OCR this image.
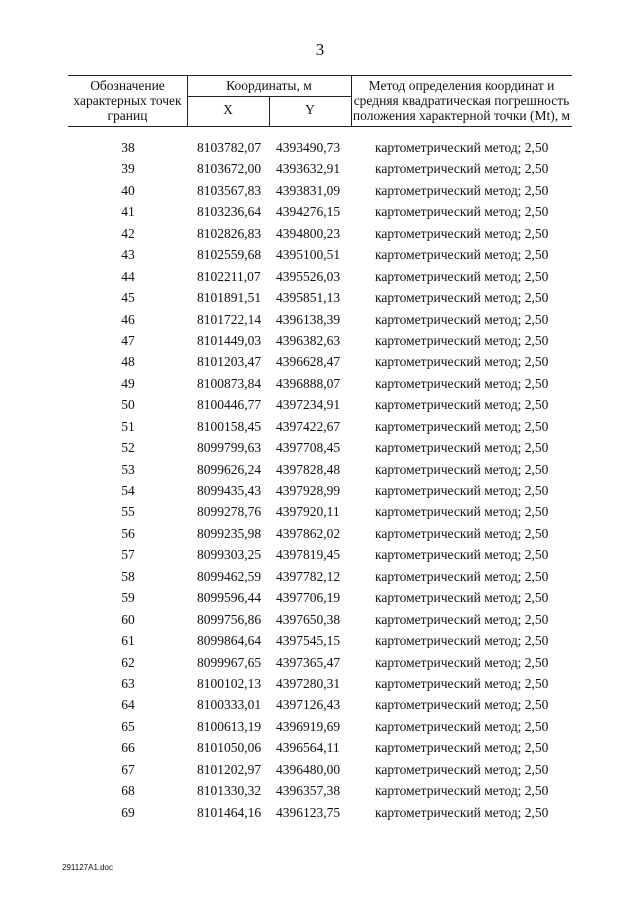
3
Обозначение
характерных точек
границ
Координаты, м
X	Y
Метод определения координат и
средняя квадратическая погрешность
положения характерной точки (Mt), м
38	8103782,07	4393490,73	картометрический метод; 2,50
39	8103672,00	4393632,91	картометрический метод; 2,50
40	8103567,83	4393831,09	картометрический метод; 2,50
41	8103236,64	4394276,15	картометрический метод; 2,50
42	8102826,83	4394800,23	картометрический метод; 2,50
43	8102559,68	4395100,51	картометрический метод; 2,50
44	8102211,07	4395526,03	картометрический метод; 2,50
45	8101891,51	4395851,13	картометрический метод; 2,50
46	8101722,14	4396138,39	картометрический метод; 2,50
47	8101449,03	4396382,63	картометрический метод; 2,50
48	8101203,47	4396628,47	картометрический метод; 2,50
49	8100873,84	4396888,07	картометрический метод; 2,50
50	8100446,77	4397234,91	картометрический метод; 2,50
51	8100158,45	4397422,67	картометрический метод; 2,50
52	8099799,63	4397708,45	картометрический метод; 2,50
53	8099626,24	4397828,48	картометрический метод; 2,50
54	8099435,43	4397928,99	картометрический метод; 2,50
55	8099278,76	4397920,11	картометрический метод; 2,50
56	8099235,98	4397862,02	картометрический метод; 2,50
57	8099303,25	4397819,45	картометрический метод; 2,50
58	8099462,59	4397782,12	картометрический метод; 2,50
59	8099596,44	4397706,19	картометрический метод; 2,50
60	8099756,86	4397650,38	картометрический метод; 2,50
61	8099864,64	4397545,15	картометрический метод; 2,50
62	8099967,65	4397365,47	картометрический метод; 2,50
63	8100102,13	4397280,31	картометрический метод; 2,50
64	8100333,01	4397126,43	картометрический метод; 2,50
65	8100613,19	4396919,69	картометрический метод; 2,50
66	8101050,06	4396564,11	картометрический метод; 2,50
67	8101202,97	4396480,00	картометрический метод; 2,50
68	8101330,32	4396357,38	картометрический метод; 2,50
69	8101464,16	4396123,75	картометрический метод; 2,50
291127A1.doc
